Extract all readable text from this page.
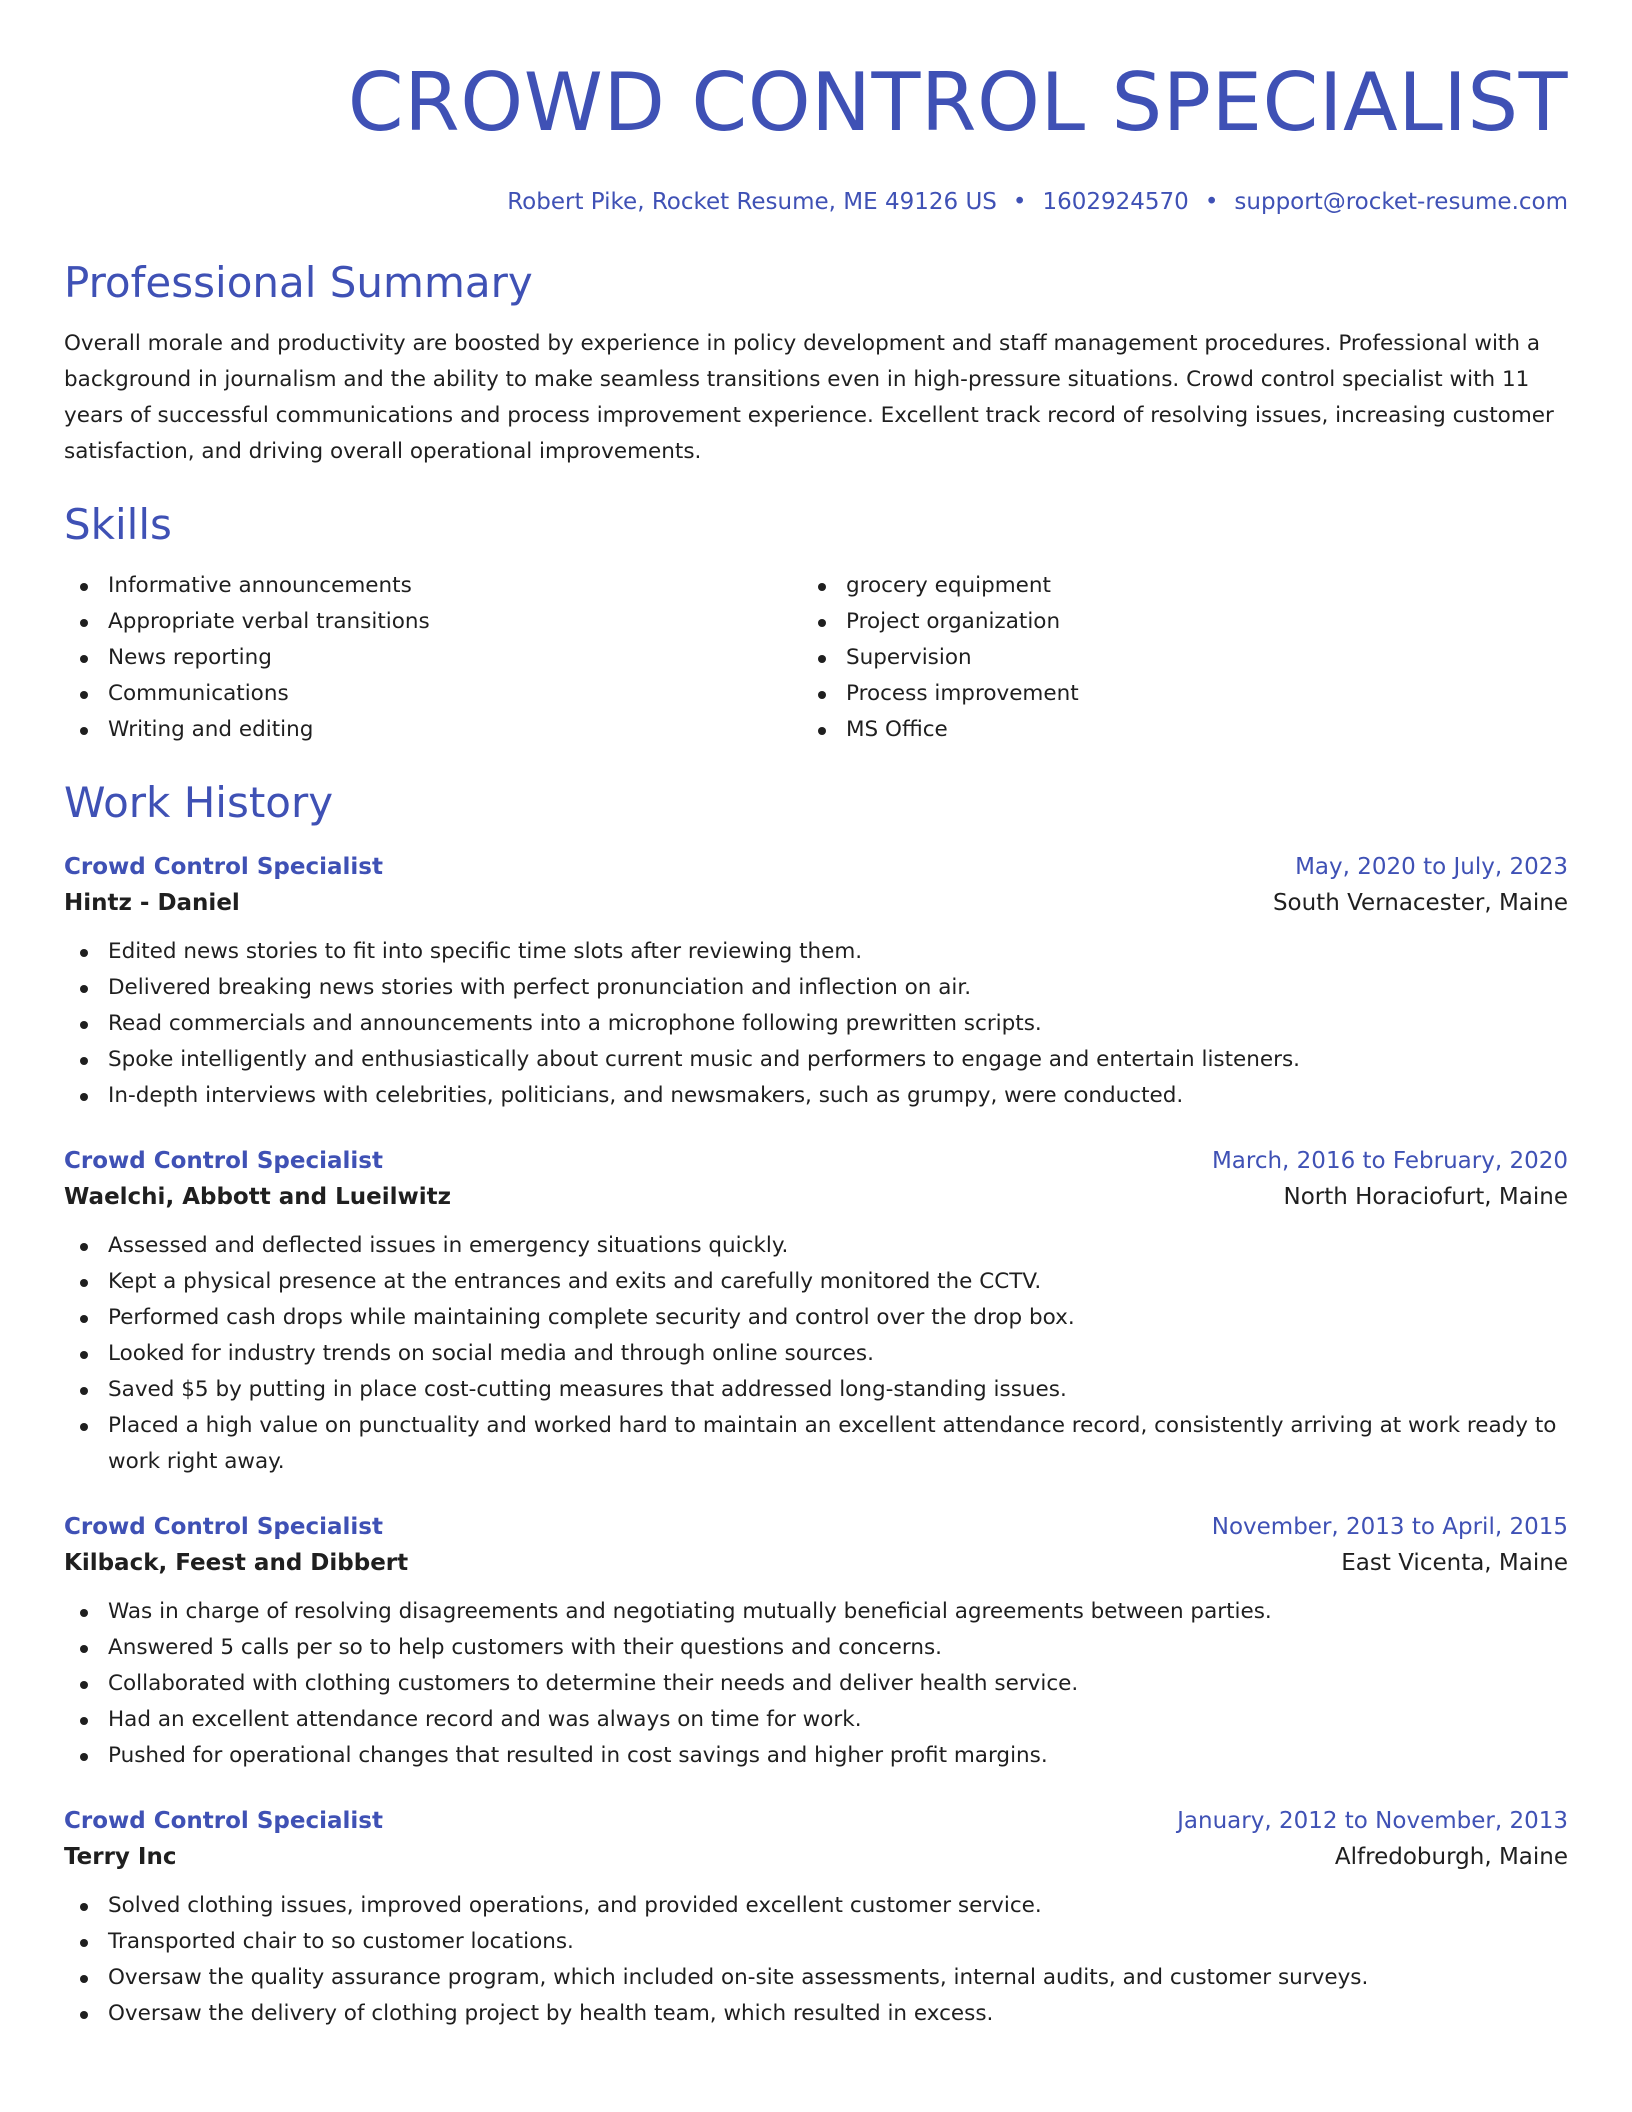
CROWD CONTROL SPECIALIST
Robert Pike, Rocket Resume, ME 49126 US • 1602924570 • support@rocket-resume.com
Professional Summary
Overall morale and productivity are boosted by experience in policy development and staff management procedures. Professional with a background in journalism and the ability to make seamless transitions even in high-pressure situations. Crowd control specialist with 11 years of successful communications and process improvement experience. Excellent track record of resolving issues, increasing customer satisfaction, and driving overall operational improvements.
Skills
Informative announcements
Appropriate verbal transitions
News reporting
Communications
Writing and editing
grocery equipment
Project organization
Supervision
Process improvement
MS Office
Work History
Crowd Control Specialist	May, 2020 to July, 2023
Hintz - Daniel	South Vernacester, Maine
Edited news stories to fit into specific time slots after reviewing them.
Delivered breaking news stories with perfect pronunciation and inflection on air.
Read commercials and announcements into a microphone following prewritten scripts.
Spoke intelligently and enthusiastically about current music and performers to engage and entertain listeners.
In-depth interviews with celebrities, politicians, and newsmakers, such as grumpy, were conducted.
Crowd Control Specialist	March, 2016 to February, 2020
Waelchi, Abbott and Lueilwitz	North Horaciofurt, Maine
Assessed and deflected issues in emergency situations quickly.
Kept a physical presence at the entrances and exits and carefully monitored the CCTV.
Performed cash drops while maintaining complete security and control over the drop box.
Looked for industry trends on social media and through online sources.
Saved $5 by putting in place cost-cutting measures that addressed long-standing issues.
Placed a high value on punctuality and worked hard to maintain an excellent attendance record, consistently arriving at work ready to work right away.
Crowd Control Specialist	November, 2013 to April, 2015
Kilback, Feest and Dibbert	East Vicenta, Maine
Was in charge of resolving disagreements and negotiating mutually beneficial agreements between parties.
Answered 5 calls per so to help customers with their questions and concerns.
Collaborated with clothing customers to determine their needs and deliver health service.
Had an excellent attendance record and was always on time for work.
Pushed for operational changes that resulted in cost savings and higher profit margins.
Crowd Control Specialist	January, 2012 to November, 2013
Terry Inc	Alfredoburgh, Maine
Solved clothing issues, improved operations, and provided excellent customer service.
Transported chair to so customer locations.
Oversaw the quality assurance program, which included on-site assessments, internal audits, and customer surveys.
Oversaw the delivery of clothing project by health team, which resulted in excess.
